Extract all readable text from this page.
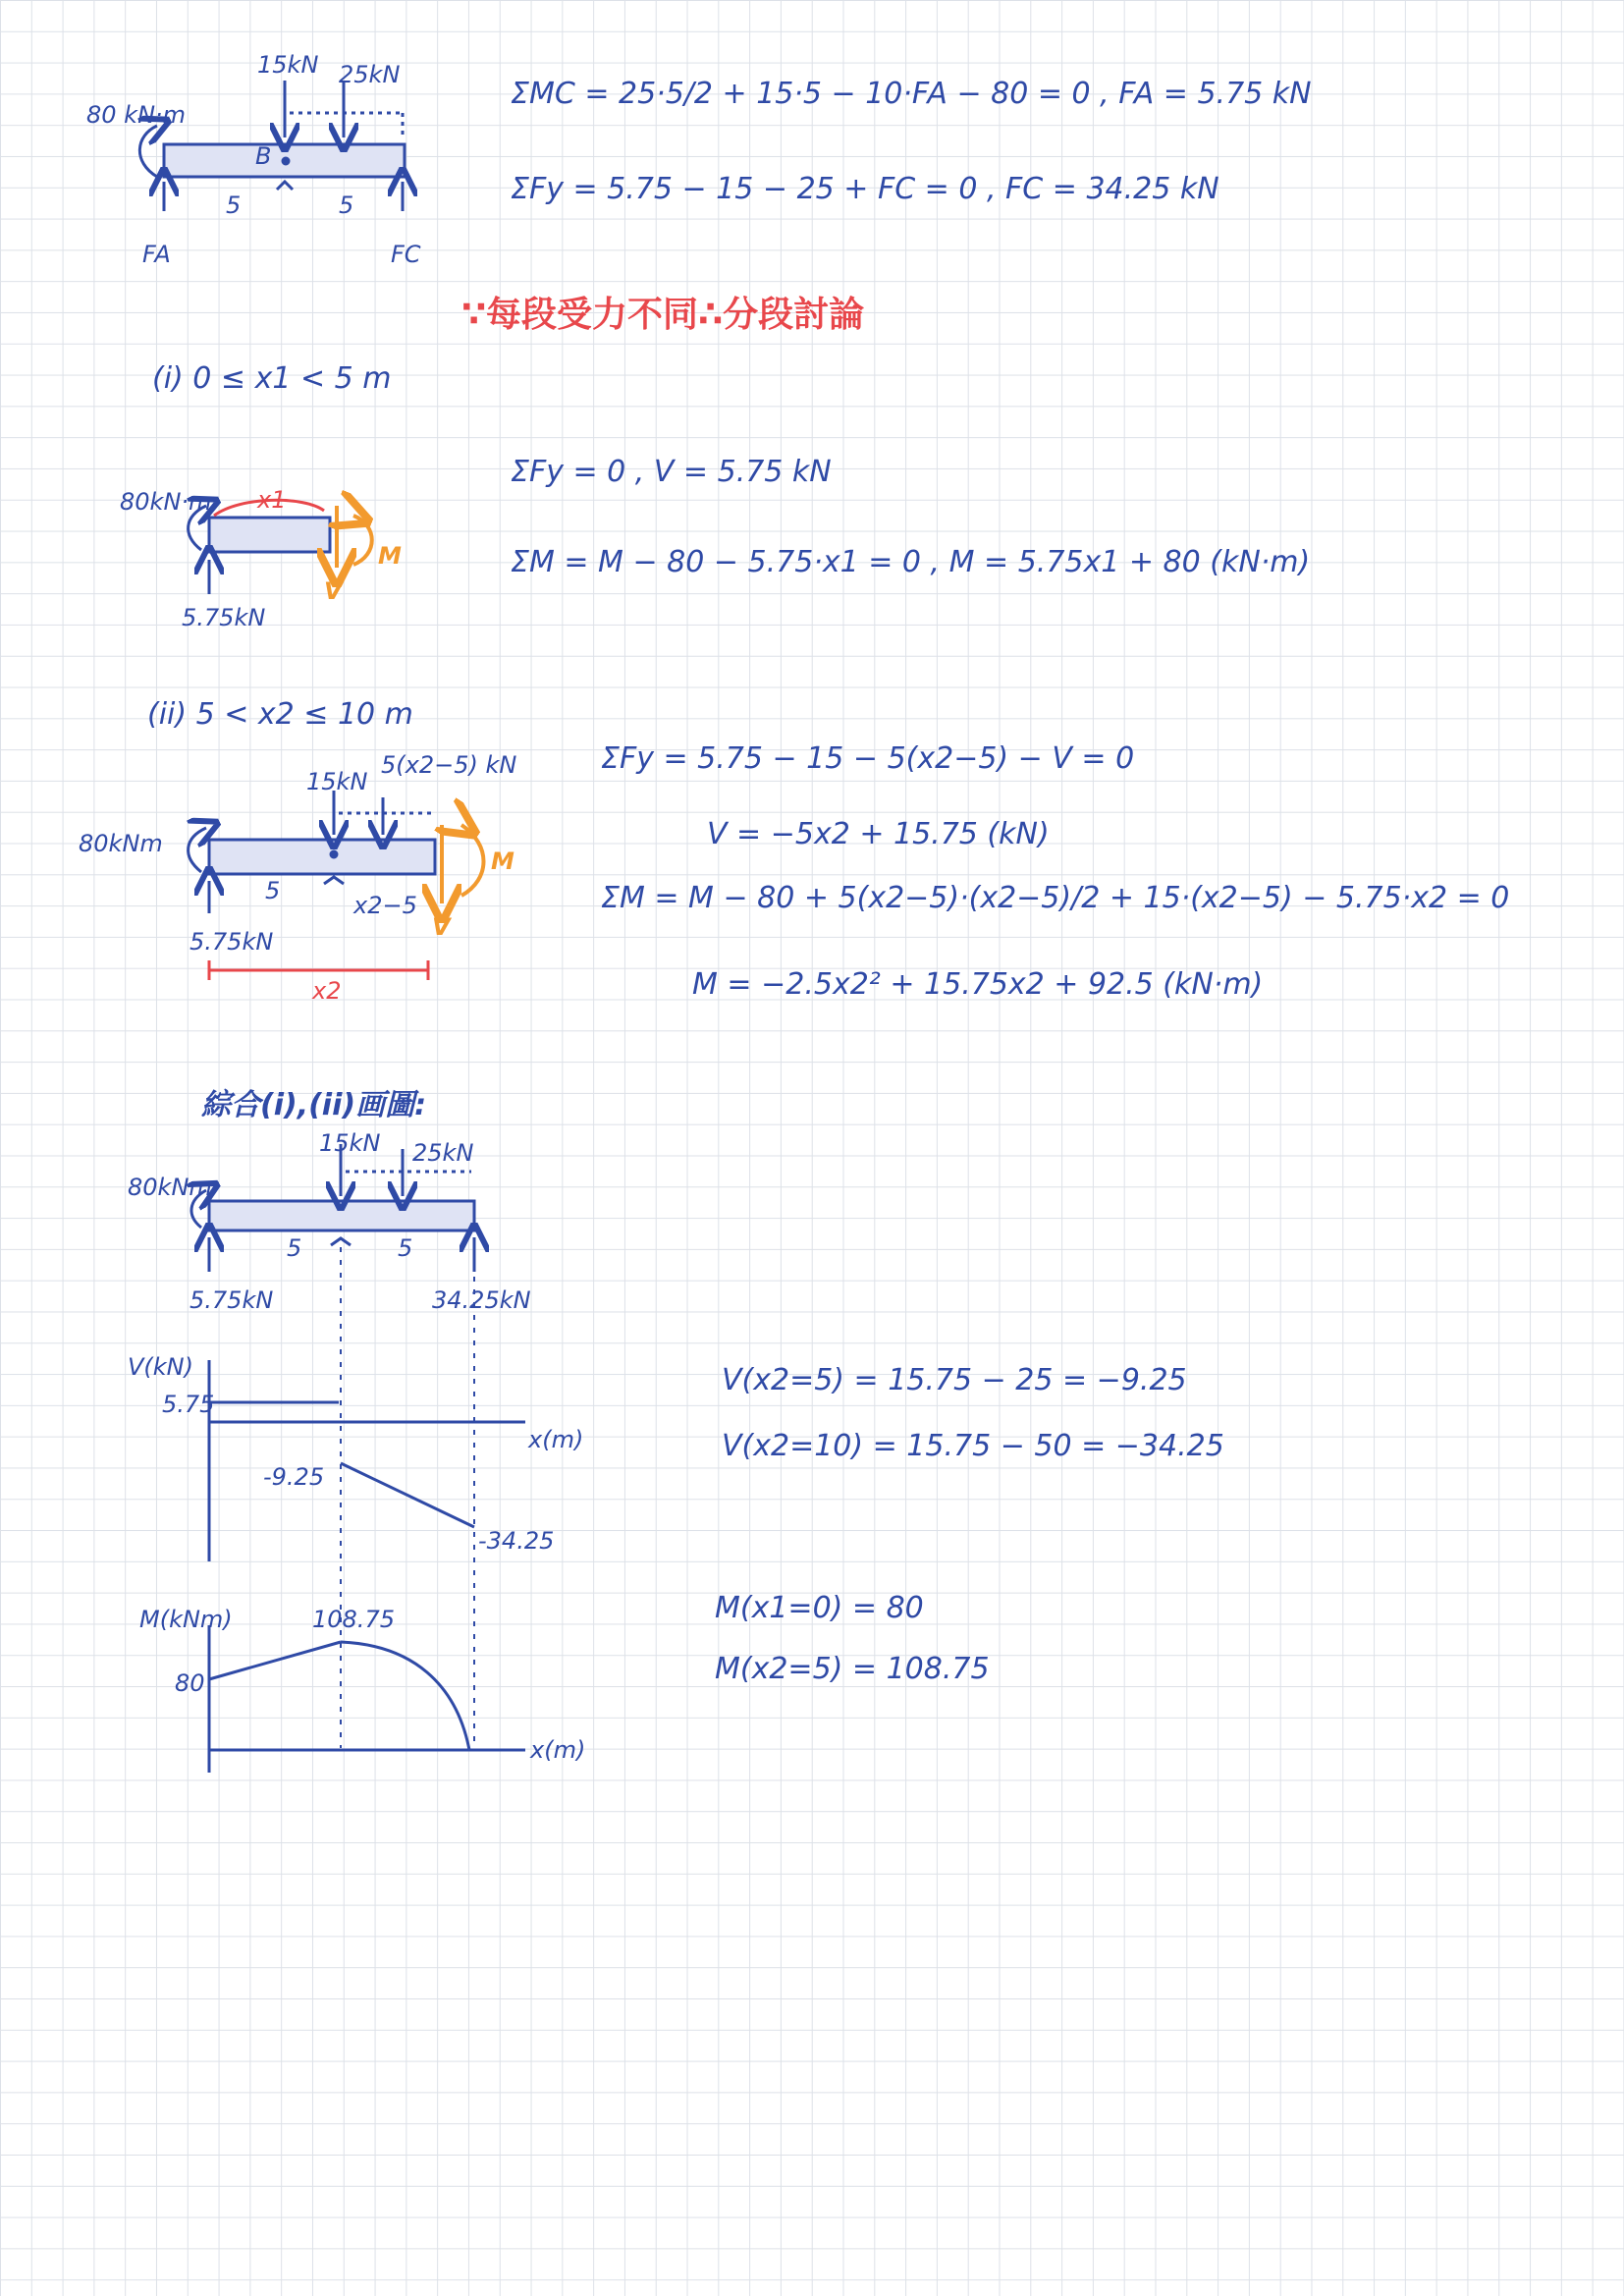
80 kN·m
15kN 25kN
B
5	5
FA	FC
ΣMC = 25·5/2 + 15·5 − 10·FA − 80 = 0 , FA = 5.75 kN
ΣFy = 5.75 − 15 − 25 + FC = 0 , FC = 34.25 kN
∵每段受力不同∴分段討論
(i) 0 ≤ x1 < 5 m
80kN·m x1
M
V
5.75kN
ΣFy = 0 , V = 5.75 kN
ΣM = M − 80 − 5.75·x1 = 0 , M = 5.75x1 + 80 (kN·m)
(ii) 5 < x2 ≤ 10 m
80kNm
15kN
5(x2−5) kN
5
x2−5
5.75kN
x2
M
V
ΣFy = 5.75 − 15 − 5(x2−5) − V = 0
V = −5x2 + 15.75 (kN)
ΣM = M − 80 + 5(x2−5)·(x2−5)/2 + 15·(x2−5) − 5.75·x2 = 0
M = −2.5x2² + 15.75x2 + 92.5 (kN·m)
綜合(i),(ii)画圖:
80kNm
15kN 25kN
5	5
5.75kN	34.25kN
V(kN)
x(m)
5.75
-9.25
-34.25
V(x2=5) = 15.75 − 25 = −9.25
V(x2=10) = 15.75 − 50 = −34.25
M(kNm)
x(m)
80
108.75	M(x1=0) = 80
M(x2=5) = 108.75
